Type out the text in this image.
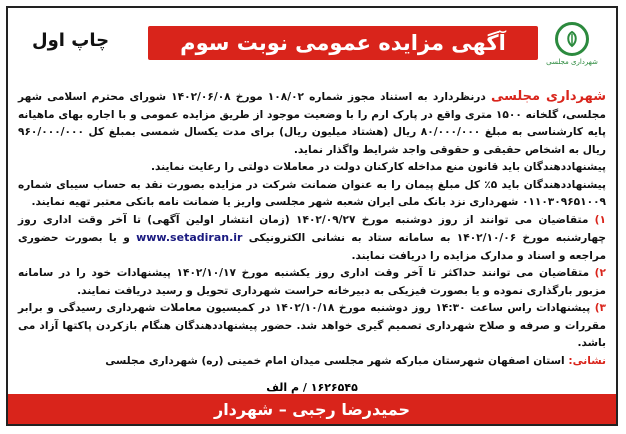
چاپ اول	آگهی مزایده عمومی نوبت سوم
شهرداری مجلسی

شهرداری مجلسی درنظردارد به استناد مجوز شماره ۱۰۸/۰۲ مورخ ۱۴۰۲/۰۶/۰۸ شورای محترم اسلامی شهر مجلسی، گلخانه ۱۵۰۰ متری واقع در پارک ارم را با وضعیت موجود از طریق مزایده عمومی و با اجاره بهای ماهیانه پایه کارشناسی به مبلغ ۸۰/۰۰۰/۰۰۰ ریال (هشتاد میلیون ریال) برای مدت یکسال شمسی بمبلغ کل ۹۶۰/۰۰۰/۰۰۰ ریال به اشخاص حقیقی و حقوقی واجد شرایط واگذار نماید.

پیشنهاددهندگان باید قانون منع مداخله کارکنان دولت در معاملات دولتی را رعایت نمایند.

پیشنهاددهندگان باید ۵٪ کل مبلغ پیمان را به عنوان ضمانت شرکت در مزایده بصورت نقد به حساب سیبای شماره ۰۱۱۰۳۰۹۶۵۱۰۰۹ شهرداری نزد بانک ملی ایران شعبه شهر مجلسی واریز یا ضمانت نامه بانکی معتبر تهیه نمایند.

۱) متقاضیان می توانند از روز دوشنبه مورخ ۱۴۰۲/۰۹/۲۷ (زمان انتشار اولین آگهی) تا آخر وقت اداری روز چهارشنبه مورخ ۱۴۰۲/۱۰/۰۶ به سامانه ستاد به نشانی الکترونیکی www.setadiran.ir و یا بصورت حضوری مراجعه و اسناد و مدارک مزایده را دریافت نمایند.

۲) متقاضیان می توانند حداکثر تا آخر وقت اداری روز یکشنبه مورخ ۱۴۰۲/۱۰/۱۷ پیشنهادات خود را در سامانه مزبور بارگذاری نموده و یا بصورت فیزیکی به دبیرخانه حراست شهرداری تحویل و رسید دریافت نمایند.

۳) پیشنهادات راس ساعت ۱۴:۳۰ روز دوشنبه مورخ ۱۴۰۲/۱۰/۱۸ در کمیسیون معاملات شهرداری رسیدگی و برابر مقررات و صرفه و صلاح شهرداری تصمیم گیری خواهد شد. حضور پیشنهاددهندگان هنگام بازکردن پاکتها آزاد می باشد.

نشانی: استان اصفهان شهرستان مبارکه شهر مجلسی میدان امام خمینی (ره) شهرداری مجلسی

۱۶۲۶۵۴۵ / م الف
حمیدرضا رجبی – شهردار
